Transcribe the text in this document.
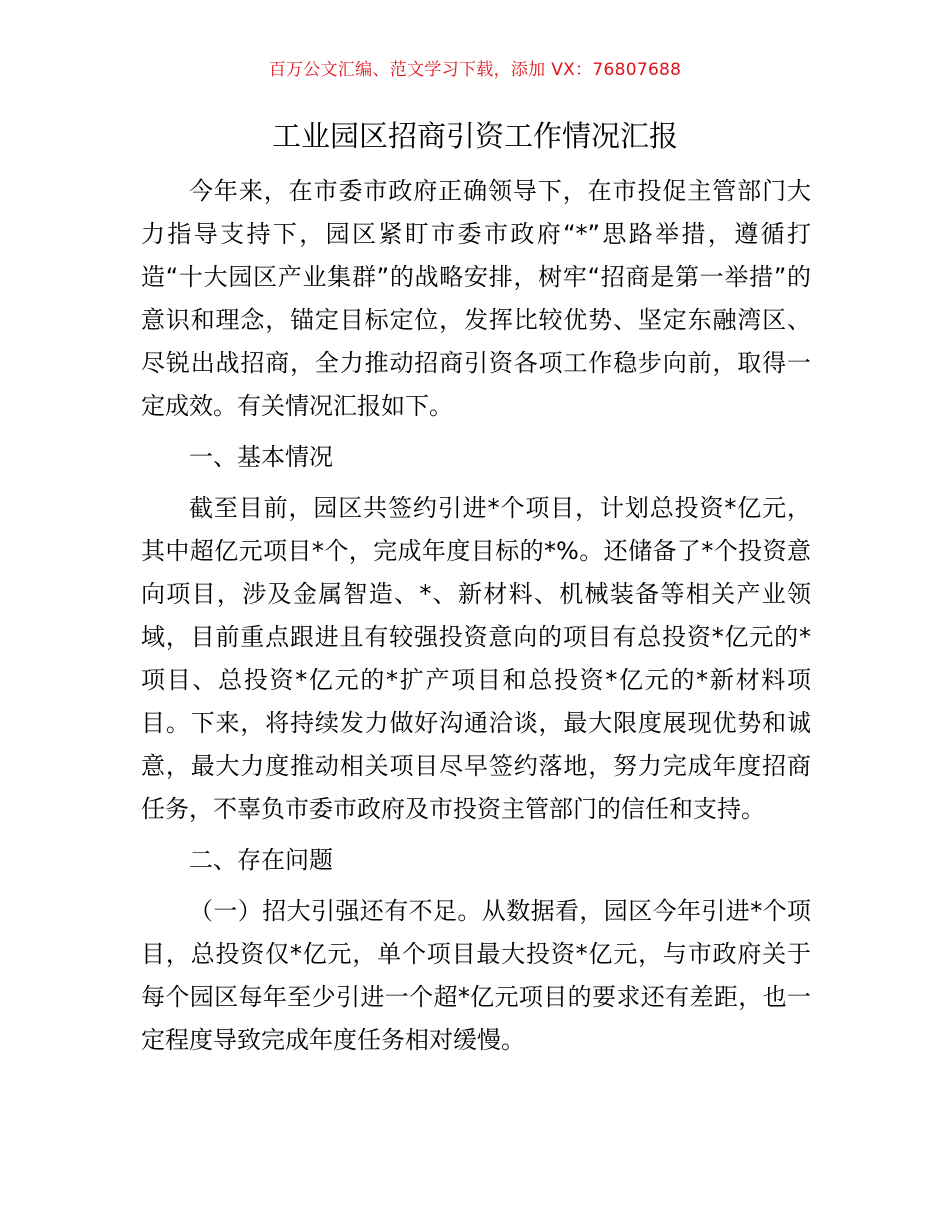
百万公文汇编、范文学习下载，添加 VX：76807688
工业园区招商引资工作情况汇报

今年来，在市委市政府正确领导下，在市投促主管部门大力指导支持下，园区紧盯市委市政府“*”思路举措，遵循打造“十大园区产业集群”的战略安排，树牢“招商是第一举措”的意识和理念，锚定目标定位，发挥比较优势、坚定东融湾区、尽锐出战招商，全力推动招商引资各项工作稳步向前，取得一定成效。有关情况汇报如下。

一、基本情况

截至目前，园区共签约引进*个项目，计划总投资*亿元，其中超亿元项目*个，完成年度目标的*%。还储备了*个投资意向项目，涉及金属智造、*、新材料、机械装备等相关产业领域，目前重点跟进且有较强投资意向的项目有总投资*亿元的*项目、总投资*亿元的*扩产项目和总投资*亿元的*新材料项目。下来，将持续发力做好沟通洽谈，最大限度展现优势和诚意，最大力度推动相关项目尽早签约落地，努力完成年度招商任务，不辜负市委市政府及市投资主管部门的信任和支持。

二、存在问题

（一）招大引强还有不足。从数据看，园区今年引进*个项目，总投资仅*亿元，单个项目最大投资*亿元，与市政府关于每个园区每年至少引进一个超*亿元项目的要求还有差距，也一定程度导致完成年度任务相对缓慢。
